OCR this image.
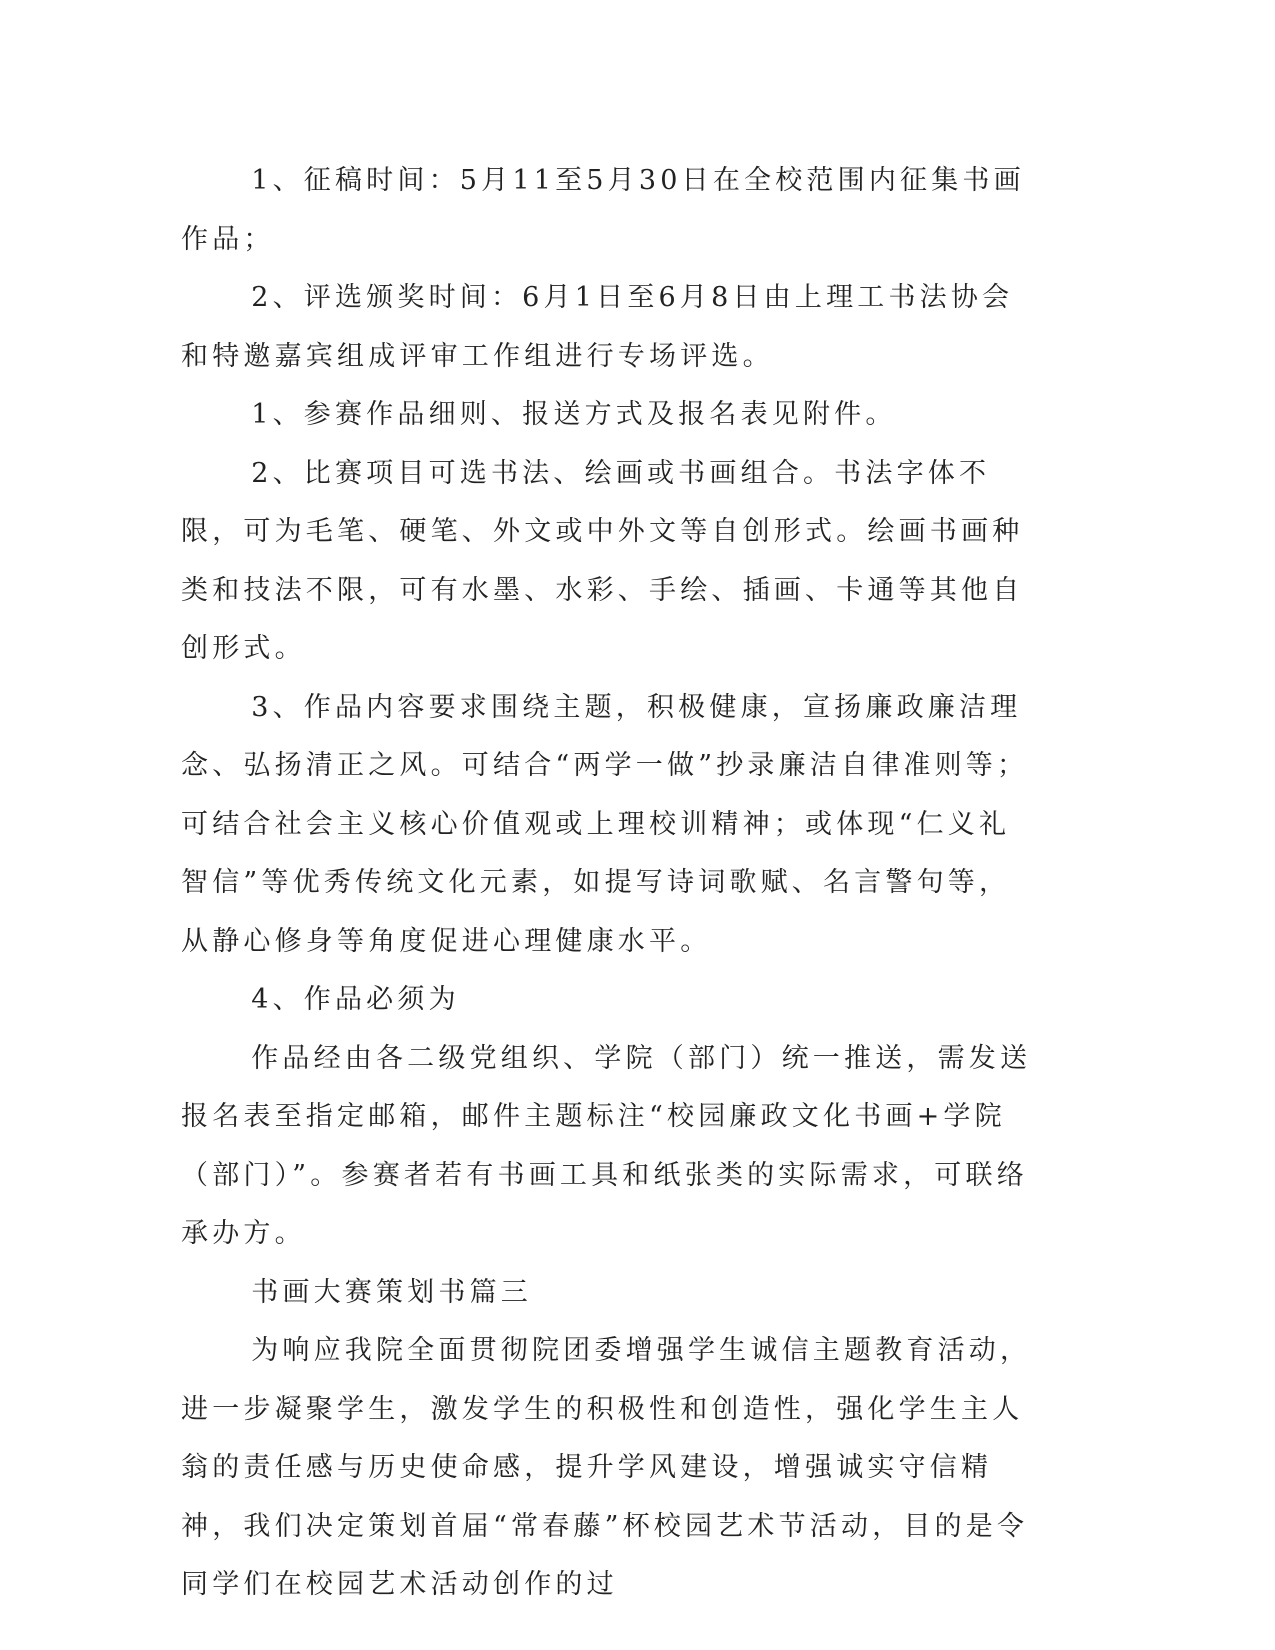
1、征稿时间：5月11至5月30日在全校范围内征集书画作品；

2、评选颁奖时间：6月1日至6月8日由上理工书法协会和特邀嘉宾组成评审工作组进行专场评选。

1、参赛作品细则、报送方式及报名表见附件。

2、比赛项目可选书法、绘画或书画组合。书法字体不限，可为毛笔、硬笔、外文或中外文等自创形式。绘画书画种类和技法不限，可有水墨、水彩、手绘、插画、卡通等其他自创形式。

3、作品内容要求围绕主题，积极健康，宣扬廉政廉洁理念、弘扬清正之风。可结合“两学一做”抄录廉洁自律准则等；可结合社会主义核心价值观或上理校训精神；或体现“仁义礼智信”等优秀传统文化元素，如提写诗词歌赋、名言警句等，从静心修身等角度促进心理健康水平。

4、作品必须为

作品经由各二级党组织、学院（部门）统一推送，需发送报名表至指定邮箱，邮件主题标注“校园廉政文化书画+学院（部门）”。参赛者若有书画工具和纸张类的实际需求，可联络承办方。

书画大赛策划书篇三

为响应我院全面贯彻院团委增强学生诚信主题教育活动，进一步凝聚学生，激发学生的积极性和创造性，强化学生主人翁的责任感与历史使命感，提升学风建设，增强诚实守信精神，我们决定策划首届“常春藤”杯校园艺术节活动，目的是令同学们在校园艺术活动创作的过
